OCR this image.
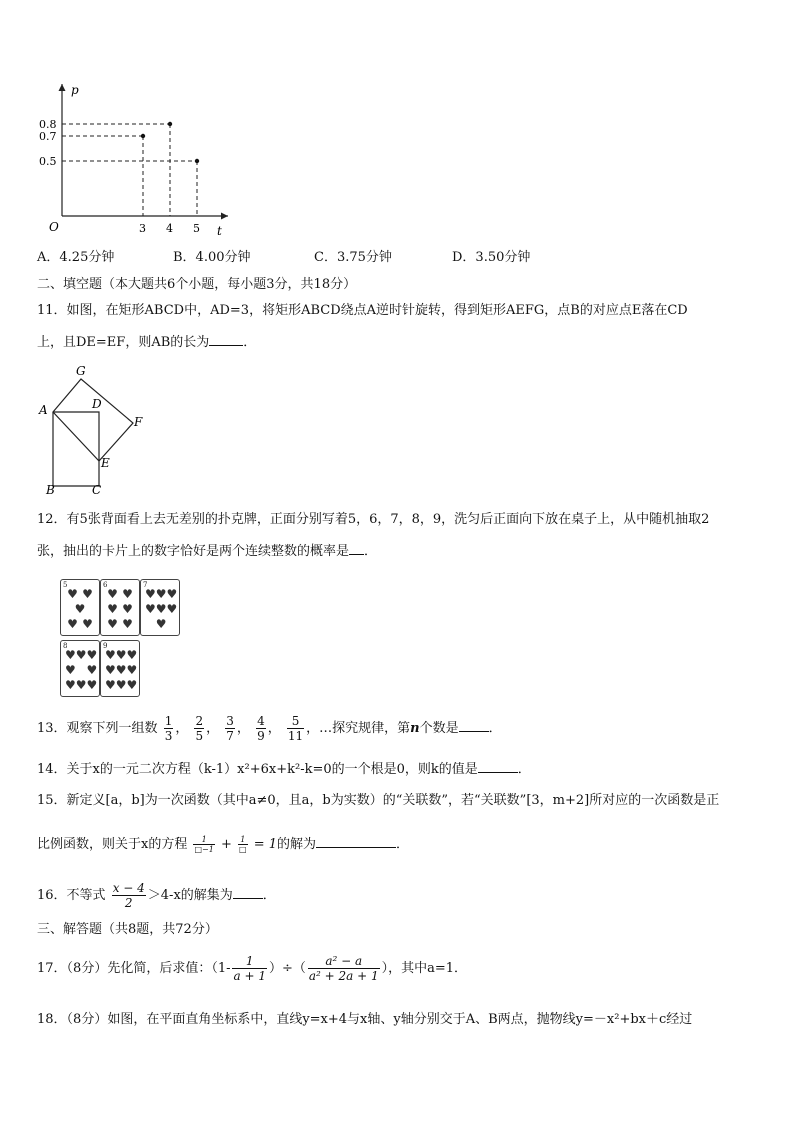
p
t
O
0.8
0.7
0.5
3 4 5
A．4.25分钟	B．4.00分钟	C．3.75分钟	D．3.50分钟
二、填空题（本大题共6个小题，每小题3分，共18分）
11．如图，在矩形ABCD中，AD=3，将矩形ABCD绕点A逆时针旋转，得到矩形AEFG，点B的对应点E落在CD
上，且DE=EF，则AB的长为	．
G
A	D
F
E
B	C
12．有5张背面看上去无差别的扑克牌，正面分别写着5，6，7，8，9，洗匀后正面向下放在桌子上，从中随机抽取2
张，抽出的卡片上的数字恰好是两个连续整数的概率是 ．
5
♥ ♥
♥
♥ ♥
6
♥ ♥
♥ ♥
♥ ♥
7
♥ ♥ ♥
♥ ♥ ♥
♥
8
♥ ♥ ♥
♥ ♥
♥ ♥ ♥
9
♥ ♥ ♥
♥ ♥ ♥
♥ ♥ ♥
13．观察下列一组数 $\frac{1}{3}$ ， $\frac{2}{5}$ ， $\frac{3}{7}$ ， $\frac{4}{9}$ ， $\frac{5}{11}$ ，…探究规律，第n个数是 ．
14．关于x的一元二次方程（k-1）x²+6x+k²-k=0的一个根是0，则k的值是	．
15．新定义[a，b]为一次函数（其中a≠0，且a，b为实数）的“关联数”，若“关联数”[3，m+2]所对应的一次函数是正
比例函数，则关于x的方程 $\frac{1}{□-1} + \frac{1}{□} = 1$的解为	．
16．不等式 $\frac{x - 4}{2} >4-x$的解集为 ．
三、解答题（共8题，共72分）
17．（8分）先化简，后求值：（$1- \frac{1}{a + 1}$ ）÷（ $\frac{\text{a² − a}}{\text{a² + 2a + 1}}$ ），其中a=1．
18．（8分）如图，在平面直角坐标系中，直线y=x+4与x轴、y轴分别交于A、B两点，抛物线y=－x²+bx＋c经过
